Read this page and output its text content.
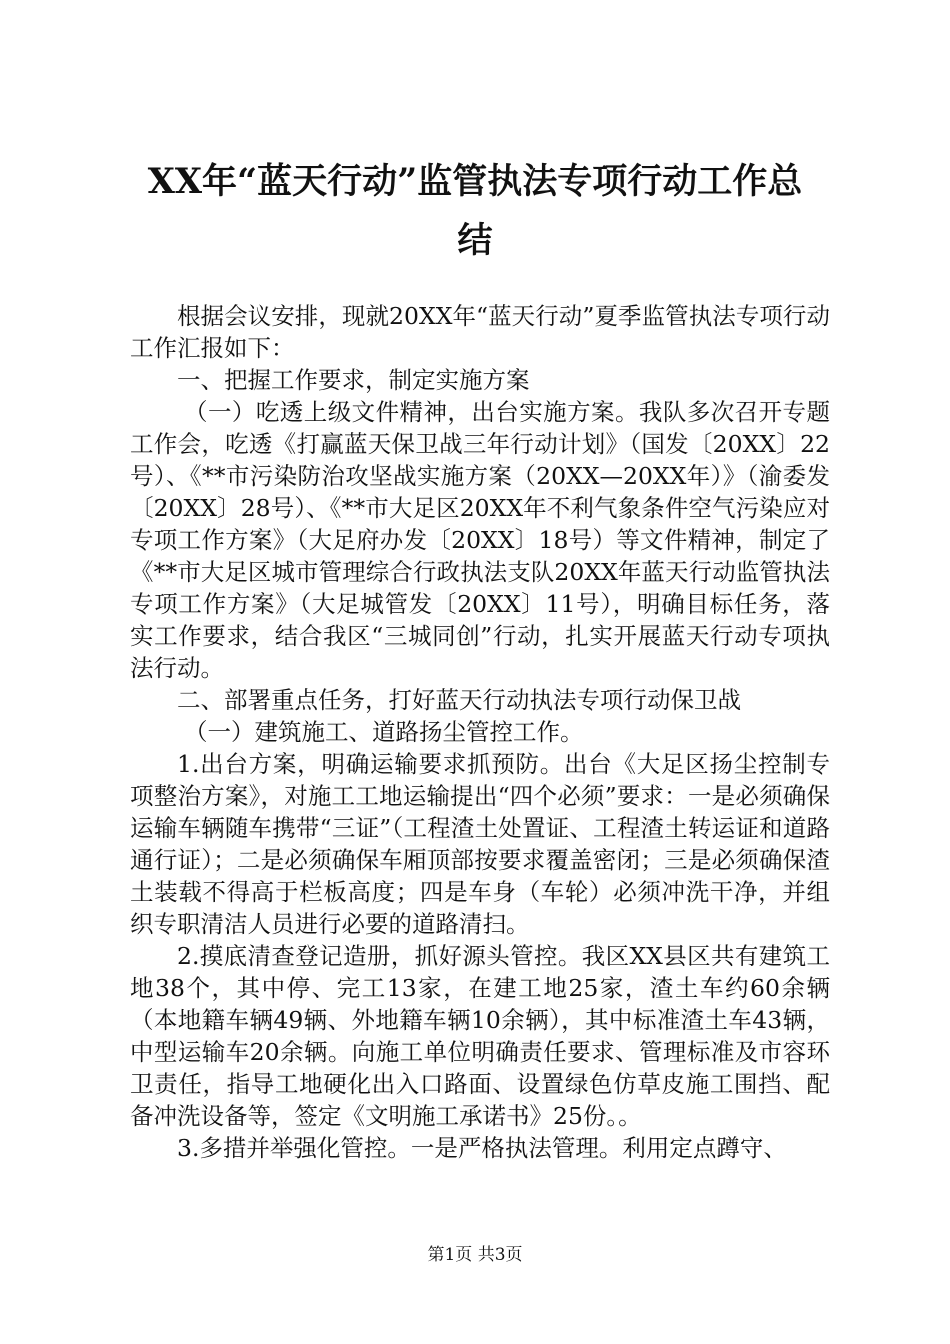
XX年“蓝天行动”监管执法专项行动工作总
结

根据会议安排，现就20XX年“蓝天行动”夏季监管执法专项行动工作汇报如下：

一、把握工作要求，制定实施方案

（一）吃透上级文件精神，出台实施方案。我队多次召开专题工作会，吃透《打赢蓝天保卫战三年行动计划》（国发〔20XX〕22号）、《**市污染防治攻坚战实施方案（20XX—20XX年）》（渝委发〔20XX〕28号）、《**市大足区20XX年不利气象条件空气污染应对专项工作方案》（大足府办发〔20XX〕18号）等文件精神，制定了《**市大足区城市管理综合行政执法支队20XX年蓝天行动监管执法专项工作方案》（大足城管发〔20XX〕11号），明确目标任务，落实工作要求，结合我区“三城同创”行动，扎实开展蓝天行动专项执法行动。

二、部署重点任务，打好蓝天行动执法专项行动保卫战

（一）建筑施工、道路扬尘管控工作。

1.出台方案，明确运输要求抓预防。出台《大足区扬尘控制专项整治方案》，对施工工地运输提出“四个必须”要求：一是必须确保运输车辆随车携带“三证”（工程渣土处置证、工程渣土转运证和道路通行证）；二是必须确保车厢顶部按要求覆盖密闭；三是必须确保渣土装载不得高于栏板高度；四是车身（车轮）必须冲洗干净，并组织专职清洁人员进行必要的道路清扫。

2.摸底清查登记造册，抓好源头管控。我区XX县区共有建筑工地38个，其中停、完工13家，在建工地25家，渣土车约60余辆（本地籍车辆49辆、外地籍车辆10余辆），其中标准渣土车43辆，中型运输车20余辆。向施工单位明确责任要求、管理标准及市容环卫责任，指导工地硬化出入口路面、设置绿色仿草皮施工围挡、配备冲洗设备等，签定《文明施工承诺书》25份。。

3.多措并举强化管控。一是严格执法管理。利用定点蹲守、

第1页 共3页
